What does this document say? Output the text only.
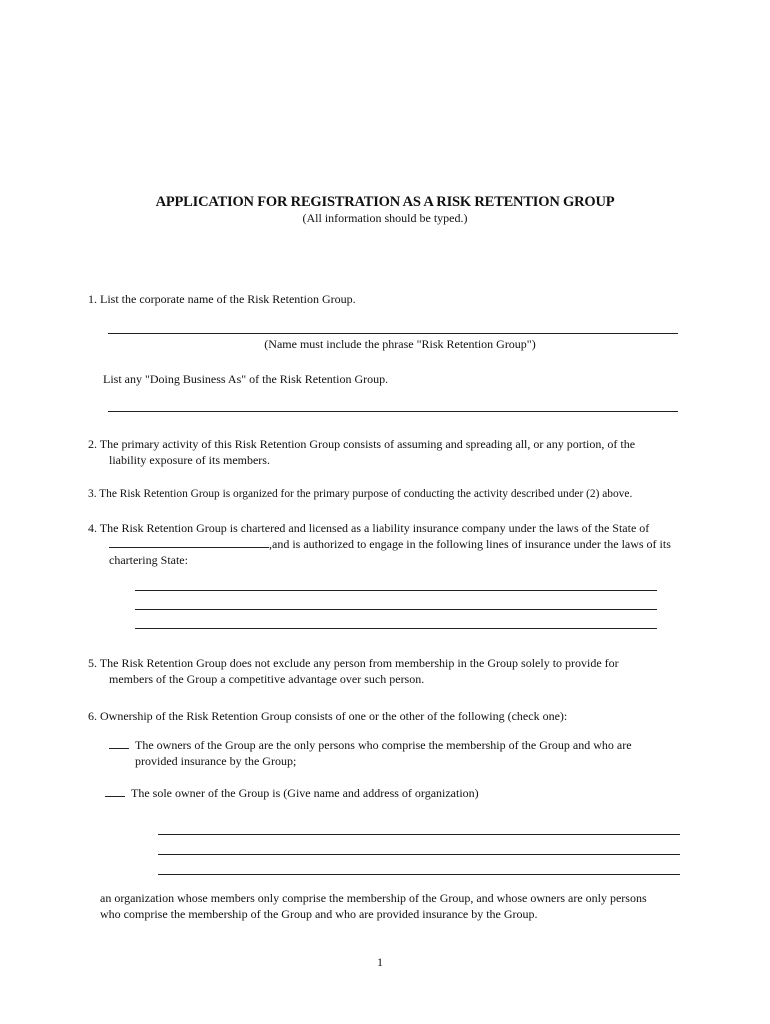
APPLICATION FOR REGISTRATION AS A RISK RETENTION GROUP

(All information should be typed.)

1. List the corporate name of the Risk Retention Group.

(Name must include the phrase "Risk Retention Group")

List any "Doing Business As" of the Risk Retention Group.

2. The primary activity of this Risk Retention Group consists of assuming and spreading all, or any portion, of the

liability exposure of its members.

3. The Risk Retention Group is organized for the primary purpose of conducting the activity described under (2) above.

4. The Risk Retention Group is chartered and licensed as a liability insurance company under the laws of the State of

,and is authorized to engage in the following lines of insurance under the laws of its

chartering State:

5. The Risk Retention Group does not exclude any person from membership in the Group solely to provide for

members of the Group a competitive advantage over such person.

6. Ownership of the Risk Retention Group consists of one or the other of the following (check one):

The owners of the Group are the only persons who comprise the membership of the Group and who are

provided insurance by the Group;

The sole owner of the Group is (Give name and address of organization)

an organization whose members only comprise the membership of the Group, and whose owners are only persons

who comprise the membership of the Group and who are provided insurance by the Group.

1
